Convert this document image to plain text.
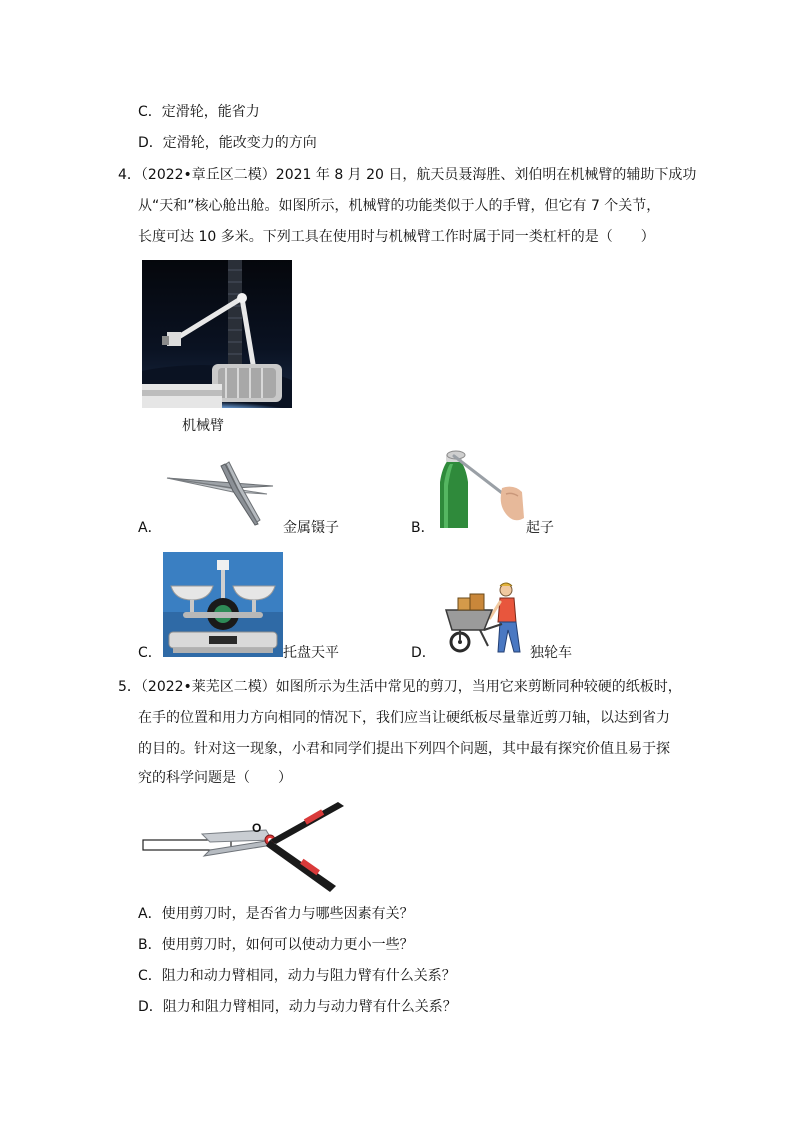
C．定滑轮，能省力
D．定滑轮，能改变力的方向
4．（2022•章丘区二模）2021 年 8 月 20 日，航天员聂海胜、刘伯明在机械臂的辅助下成功
从“天和”核心舱出舱。如图所示，机械臂的功能类似于人的手臂，但它有 7 个关节，
长度可达 10 多米。下列工具在使用时与机械臂工作时属于同一类杠杆的是（　　）
机械臂
A．	金属镊子	B．	起子
C．	托盘天平	D．	独轮车
5．（2022•莱芜区二模）如图所示为生活中常见的剪刀，当用它来剪断同种较硬的纸板时，
在手的位置和用力方向相同的情况下，我们应当让硬纸板尽量靠近剪刀轴，以达到省力
的目的。针对这一现象，小君和同学们提出下列四个问题，其中最有探究价值且易于探
究的科学问题是（　　）
O
A．使用剪刀时，是否省力与哪些因素有关？
B．使用剪刀时，如何可以使动力更小一些？
C．阻力和动力臂相同，动力与阻力臂有什么关系？
D．阻力和阻力臂相同，动力与动力臂有什么关系？
